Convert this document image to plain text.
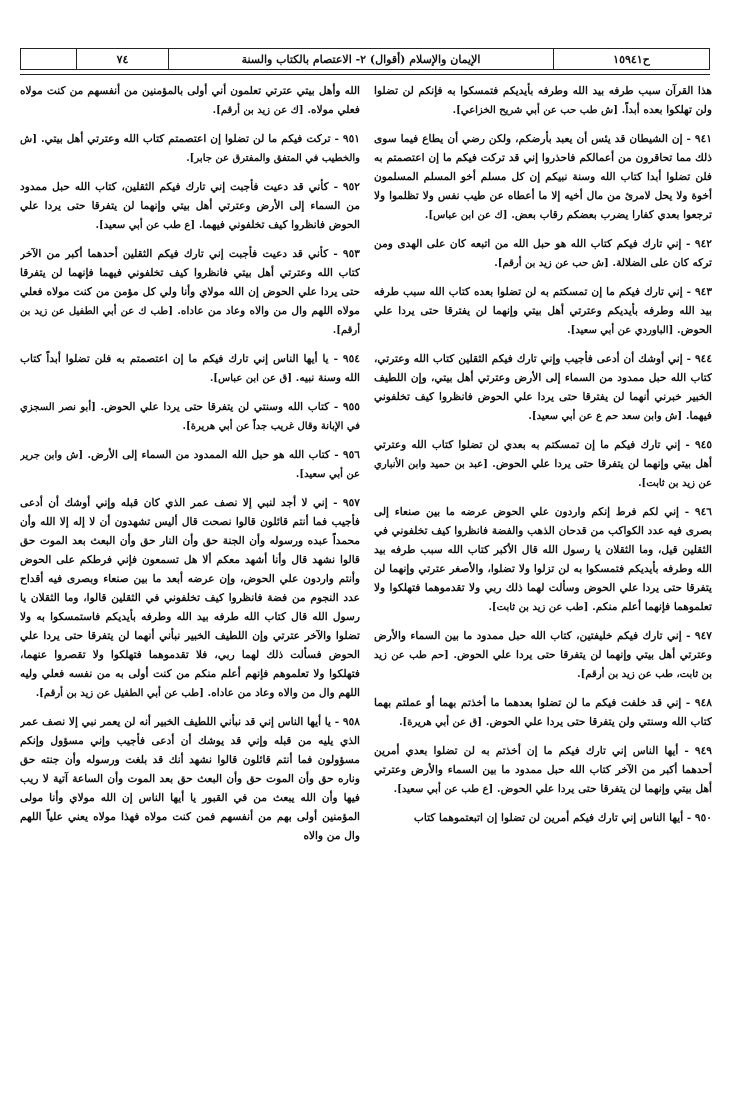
٧٤	الإيمان والإسلام (أقوال) ٢- الاعتصام بالكتاب والسنة	ح١٥٩٤١
هذا القرآن سبب طرفه بيد الله وطرفه بأيديكم فتمسكوا به فإنكم لن تضلوا ولن تهلكوا بعده أبداً. [ش طب حب عن أبي شريح الخزاعي].
٩٤١ - إن الشيطان قد يئس أن يعبد بأرضكم، ولكن رضي أن يطاع فيما سوى ذلك مما تحاقرون من أعمالكم فاحذروا إني قد تركت فيكم ما إن اعتصمتم به فلن تضلوا أبدا كتاب الله وسنة نبيكم إن كل مسلم أخو المسلم المسلمون أخوة ولا يحل لامرئ من مال أخيه إلا ما أعطاه عن طيب نفس ولا تظلموا ولا ترجعوا بعدي كفارا يضرب بعضكم رقاب بعض. [ك عن ابن عباس].
٩٤٢ - إني تارك فيكم كتاب الله هو حبل الله من اتبعه كان على الهدى ومن تركه كان على الضلالة. [ش حب عن زيد بن أرقم].
٩٤٣ - إني تارك فيكم ما إن تمسكتم به لن تضلوا بعده كتاب الله سبب طرفه بيد الله وطرفه بأيديكم وعترتي أهل بيتي وإنهما لن يفترقا حتى يردا علي الحوض. [الباوردي عن أبي سعيد].
٩٤٤ - إني أوشك أن أدعى فأجيب وإني تارك فيكم الثقلين كتاب الله وعترتي، كتاب الله حبل ممدود من السماء إلى الأرض وعترتي أهل بيتي، وإن اللطيف الخبير خبرني أنهما لن يفترقا حتى يردا علي الحوض فانظروا كيف تخلفوني فيهما. [ش وابن سعد حم ع عن أبي سعيد].
٩٤٥ - إني تارك فيكم ما إن تمسكتم به بعدي لن تضلوا كتاب الله وعترتي أهل بيتي وإنهما لن يتفرقا حتى يردا علي الحوض. [عبد بن حميد وابن الأنباري عن زيد بن ثابت].
٩٤٦ - إني لكم فرط إنكم واردون علي الحوض عرضه ما بين صنعاء إلى بصرى فيه عدد الكواكب من قدحان الذهب والفضة فانظروا كيف تخلفوني في الثقلين قيل، وما الثقلان يا رسول الله قال الأكبر كتاب الله سبب طرفه بيد الله وطرفه بأيديكم فتمسكوا به لن تزلوا ولا تضلوا، والأصغر عترتي وإنهما لن يتفرقا حتى يردا علي الحوض وسألت لهما ذلك ربي ولا تقدموهما فتهلكوا ولا تعلموهما فإنهما أعلم منكم. [طب عن زيد بن ثابت].
٩٤٧ - إني تارك فيكم خليفتين، كتاب الله حبل ممدود ما بين السماء والأرض وعترتي أهل بيتي وإنهما لن يتفرقا حتى يردا علي الحوض. [حم طب عن زيد بن ثابت، طب عن زيد بن أرقم].
٩٤٨ - إني قد خلفت فيكم ما لن تضلوا بعدهما ما أخذتم بهما أو عملتم بهما كتاب الله وسنتي ولن يتفرقا حتى يردا علي الحوض. [ق عن أبي هريرة].
٩٤٩ - أيها الناس إني تارك فيكم ما إن أخذتم به لن تضلوا بعدي أمرين أحدهما أكبر من الآخر كتاب الله حبل ممدود ما بين السماء والأرض وعترتي أهل بيتي وإنهما لن يتفرقا حتى يردا علي الحوض. [ع طب عن أبي سعيد].
٩٥٠ - أيها الناس إني تارك فيكم أمرين لن تضلوا إن اتبعتموهما كتاب
الله وأهل بيتي عترتي تعلمون أني أولى بالمؤمنين من أنفسهم من كنت مولاه فعلي مولاه. [ك عن زيد بن أرقم].
٩٥١ - تركت فيكم ما لن تضلوا إن اعتصمتم كتاب الله وعترتي أهل بيتي. [ش والخطيب في المتفق والمفترق عن جابر].
٩٥٢ - كأني قد دعيت فأجبت إني تارك فيكم الثقلين، كتاب الله حبل ممدود من السماء إلى الأرض وعترتي أهل بيتي وإنهما لن يتفرقا حتى يردا علي الحوض فانظروا كيف تخلفوني فيهما. [ع طب عن أبي سعيد].
٩٥٣ - كأني قد دعيت فأجبت إني تارك فيكم الثقلين أحدهما أكبر من الآخر كتاب الله وعترتي أهل بيتي فانظروا كيف تخلفوني فيهما فإنهما لن يتفرقا حتى يردا علي الحوض إن الله مولاي وأنا ولي كل مؤمن من كنت مولاه فعلي مولاه اللهم وال من والاه وعاد من عاداه. [طب ك عن أبي الطفيل عن زيد بن أرقم].
٩٥٤ - يا أيها الناس إني تارك فيكم ما إن اعتصمتم به فلن تضلوا أبداً كتاب الله وسنة نبيه. [ق عن ابن عباس].
٩٥٥ - كتاب الله وسنتي لن يتفرقا حتى يردا علي الحوض. [أبو نصر السجزي في الإبانة وقال غريب جداً عن أبي هريرة].
٩٥٦ - كتاب الله هو حبل الله الممدود من السماء إلى الأرض. [ش وابن جرير عن أبي سعيد].
٩٥٧ - إني لا أجد لنبي إلا نصف عمر الذي كان قبله وإني أوشك أن أدعى فأجيب فما أنتم قائلون قالوا نصحت قال أليس تشهدون أن لا إله إلا الله وأن محمداً عبده ورسوله وأن الجنة حق وأن النار حق وأن البعث بعد الموت حق قالوا نشهد قال وأنا أشهد معكم ألا هل تسمعون فإني فرطكم على الحوض وأنتم واردون علي الحوض، وإن عرضه أبعد ما بين صنعاء وبصرى فيه أقداح عدد النجوم من فضة فانظروا كيف تخلفوني في الثقلين قالوا، وما الثقلان يا رسول الله قال كتاب الله طرفه بيد الله وطرفه بأيديكم فاستمسكوا به ولا تضلوا والآخر عترتي وإن اللطيف الخبير نبأني أنهما لن يتفرقا حتى يردا علي الحوض فسألت ذلك لهما ربي، فلا تقدموهما فتهلكوا ولا تقصروا عنهما، فتهلكوا ولا تعلموهم فإنهم أعلم منكم من كنت أولى به من نفسه فعلي وليه اللهم وال من والاه وعاد من عاداه. [طب عن أبي الطفيل عن زيد بن أرقم].
٩٥٨ - يا أيها الناس إني قد نبأني اللطيف الخبير أنه لن يعمر نبي إلا نصف عمر الذي يليه من قبله وإني قد يوشك أن أدعى فأجيب وإني مسؤول وإنكم مسؤولون فما أنتم قائلون قالوا نشهد أنك قد بلغت ورسوله وأن جنته حق وناره حق وأن الموت حق وأن البعث حق بعد الموت وأن الساعة آتية لا ريب فيها وأن الله يبعث من في القبور يا أيها الناس إن الله مولاي وأنا مولى المؤمنين أولى بهم من أنفسهم فمن كنت مولاه فهذا مولاه يعني علياً اللهم وال من والاه
